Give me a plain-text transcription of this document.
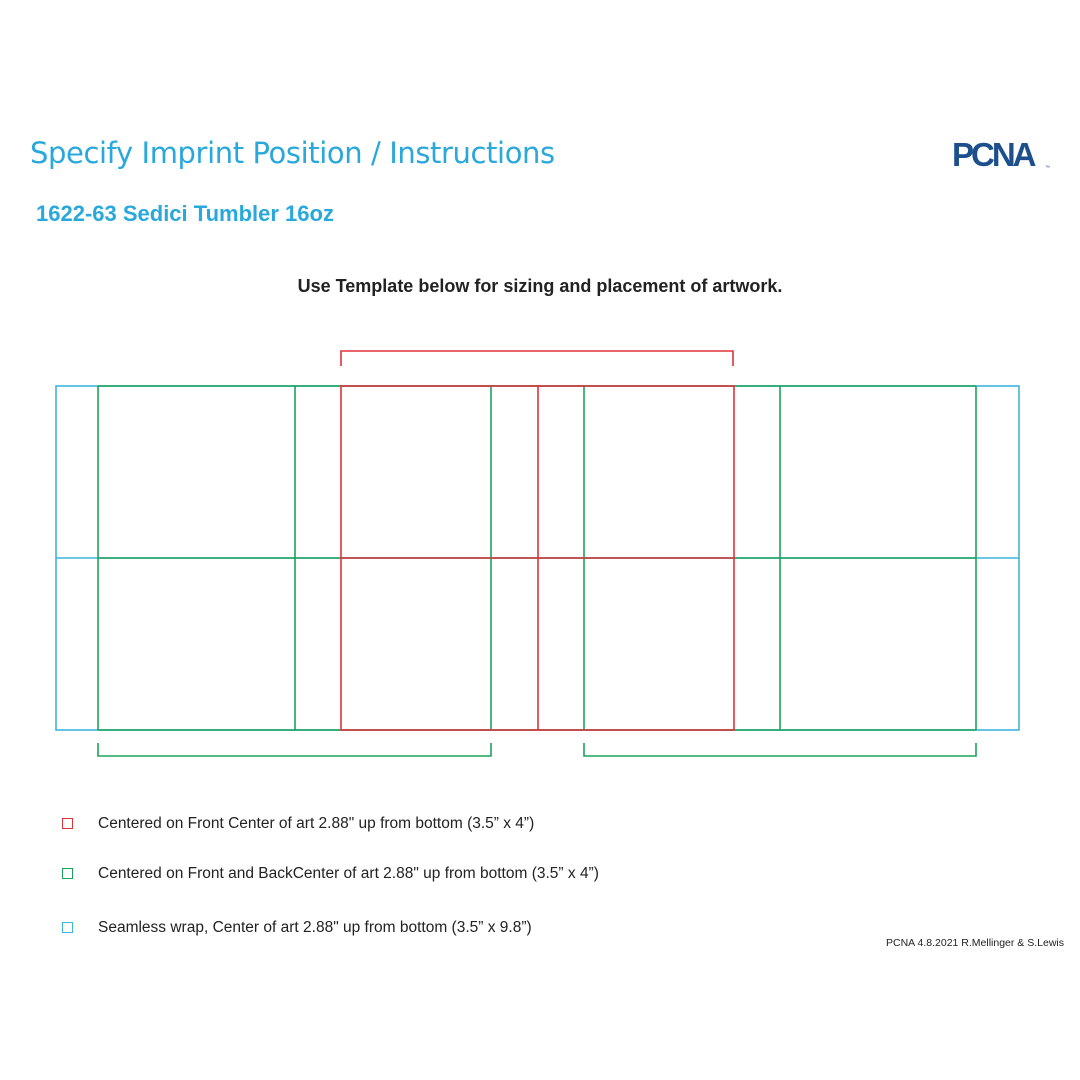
Specify Imprint Position / Instructions	PCNA ™
1622-63 Sedici Tumbler 16oz
Use Template below for sizing and placement of artwork.
Centered on Front Center of art 2.88" up from bottom (3.5” x 4”)
Centered on Front and BackCenter of art 2.88" up from bottom (3.5” x 4”)
Seamless wrap, Center of art 2.88" up from bottom (3.5” x 9.8”)
PCNA 4.8.2021 R.Mellinger & S.Lewis
